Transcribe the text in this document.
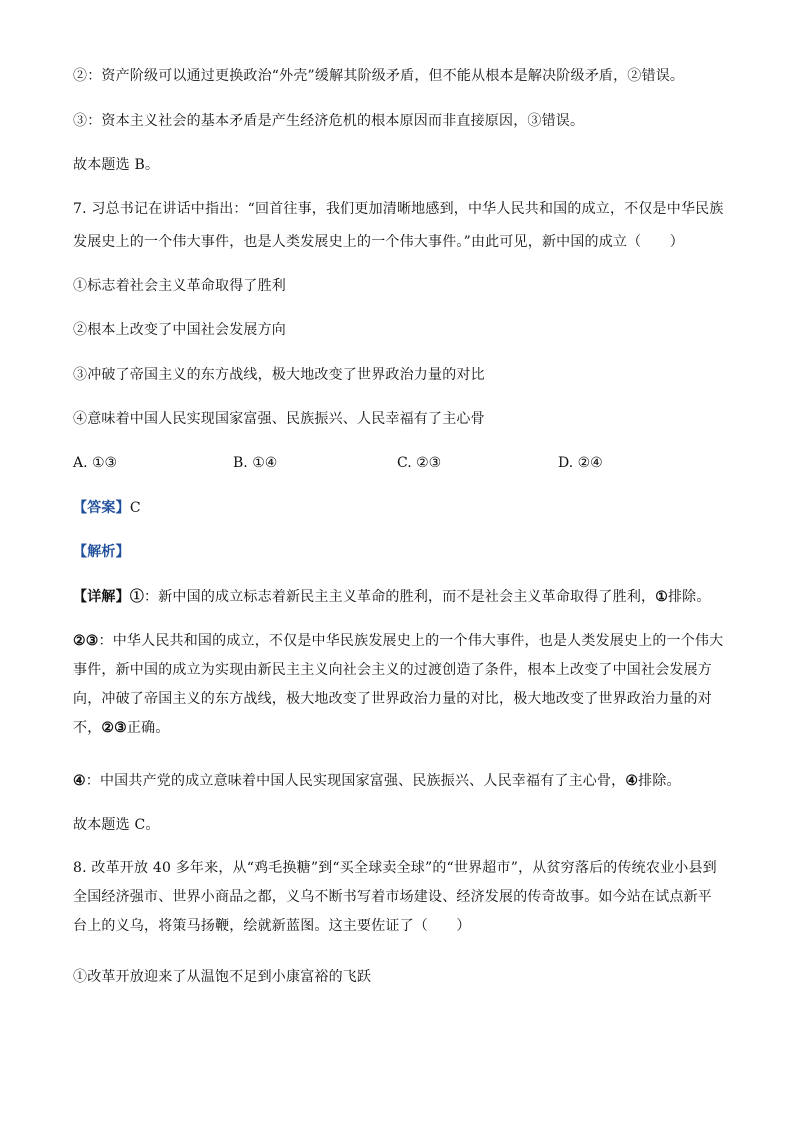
②：资产阶级可以通过更换政治“外壳”缓解其阶级矛盾，但不能从根本是解决阶级矛盾，②错误。
③：资本主义社会的基本矛盾是产生经济危机的根本原因而非直接原因，③错误。
故本题选 B。
7. 习总书记在讲话中指出：“回首往事，我们更加清晰地感到，中华人民共和国的成立，不仅是中华民族
发展史上的一个伟大事件，也是人类发展史上的一个伟大事件。”由此可见，新中国的成立（　　）
①标志着社会主义革命取得了胜利
②根本上改变了中国社会发展方向
③冲破了帝国主义的东方战线，极大地改变了世界政治力量的对比
④意味着中国人民实现国家富强、民族振兴、人民幸福有了主心骨
A. ①③	B. ①④	C. ②③	D. ②④
【答案】C
【解析】
【详解】①：新中国的成立标志着新民主主义革命的胜利，而不是社会主义革命取得了胜利，①排除。
②③：中华人民共和国的成立，不仅是中华民族发展史上的一个伟大事件，也是人类发展史上的一个伟大事件，新中国的成立为实现由新民主主义向社会主义的过渡创造了条件，根本上改变了中国社会发展方向，冲破了帝国主义的东方战线，极大地改变了世界政治力量的对比，极大地改变了世界政治力量的对不，②③正确。
④：中国共产党的成立意味着中国人民实现国家富强、民族振兴、人民幸福有了主心骨，④排除。
故本题选 C。
8. 改革开放 40 多年来，从“鸡毛换糖”到“买全球卖全球”的“世界超市”，从贫穷落后的传统农业小县到全国经济强市、世界小商品之都，义乌不断书写着市场建设、经济发展的传奇故事。如今站在试点新平台上的义乌，将策马扬鞭，绘就新蓝图。这主要佐证了（　　）
①改革开放迎来了从温饱不足到小康富裕的飞跃
